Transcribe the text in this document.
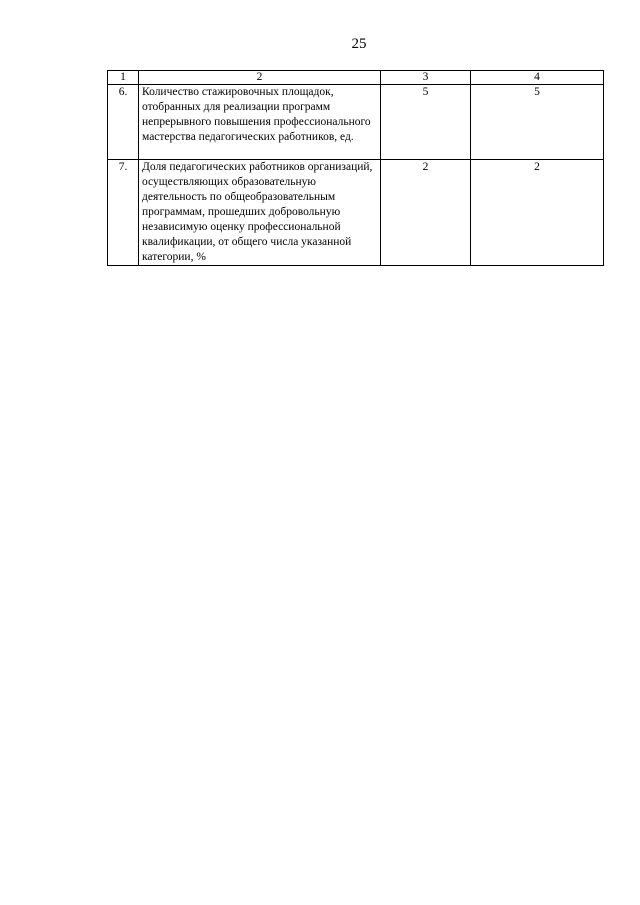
25
1	2	3	4
6.	Количество стажировочных площадок, отобранных для реализации программ непрерывного повышения профессионального мастерства педагогических работников, ед.	5	5
7.	Доля педагогических работников организаций, осуществляющих образовательную деятельность по общеобразовательным программам, прошедших добровольную независимую оценку профессиональной квалификации, от общего числа указанной категории, %	2	2
